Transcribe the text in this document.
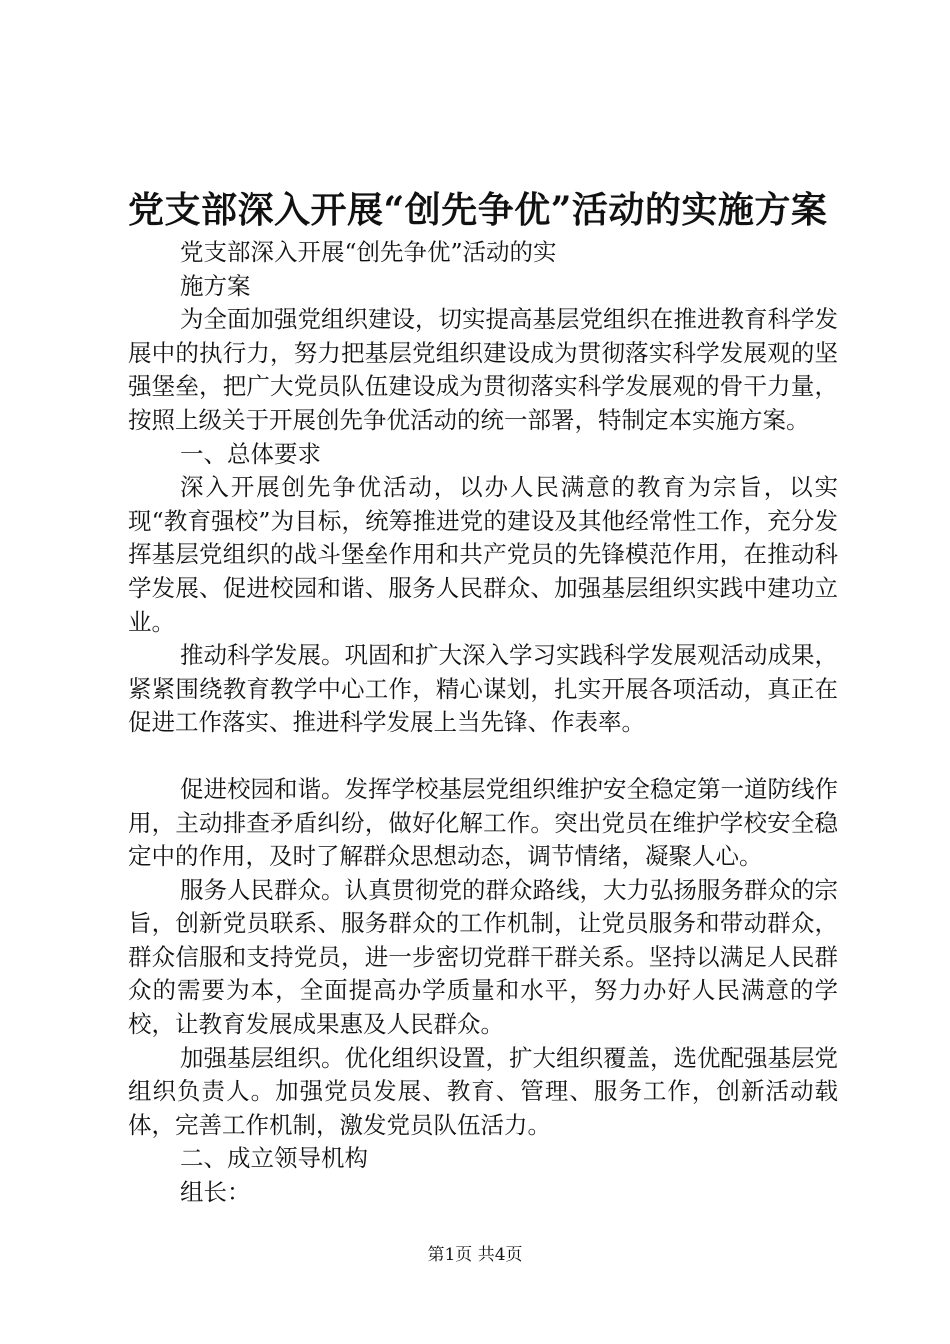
党支部深入开展“创先争优”活动的实施方案

党支部深入开展“创先争优”活动的实

施方案

为全面加强党组织建设，切实提高基层党组织在推进教育科学发展中的执行力，努力把基层党组织建设成为贯彻落实科学发展观的坚强堡垒，把广大党员队伍建设成为贯彻落实科学发展观的骨干力量，按照上级关于开展创先争优活动的统一部署，特制定本实施方案。

一、总体要求

深入开展创先争优活动，以办人民满意的教育为宗旨，以实现“教育强校”为目标，统筹推进党的建设及其他经常性工作，充分发挥基层党组织的战斗堡垒作用和共产党员的先锋模范作用，在推动科学发展、促进校园和谐、服务人民群众、加强基层组织实践中建功立业。

推动科学发展。巩固和扩大深入学习实践科学发展观活动成果，紧紧围绕教育教学中心工作，精心谋划，扎实开展各项活动，真正在促进工作落实、推进科学发展上当先锋、作表率。

促进校园和谐。发挥学校基层党组织维护安全稳定第一道防线作用，主动排查矛盾纠纷，做好化解工作。突出党员在维护学校安全稳定中的作用，及时了解群众思想动态，调节情绪，凝聚人心。

服务人民群众。认真贯彻党的群众路线，大力弘扬服务群众的宗旨，创新党员联系、服务群众的工作机制，让党员服务和带动群众，群众信服和支持党员，进一步密切党群干群关系。坚持以满足人民群众的需要为本，全面提高办学质量和水平，努力办好人民满意的学校，让教育发展成果惠及人民群众。

加强基层组织。优化组织设置，扩大组织覆盖，选优配强基层党组织负责人。加强党员发展、教育、管理、服务工作，创新活动载体，完善工作机制，激发党员队伍活力。

二、成立领导机构

组长：

第1页 共4页
